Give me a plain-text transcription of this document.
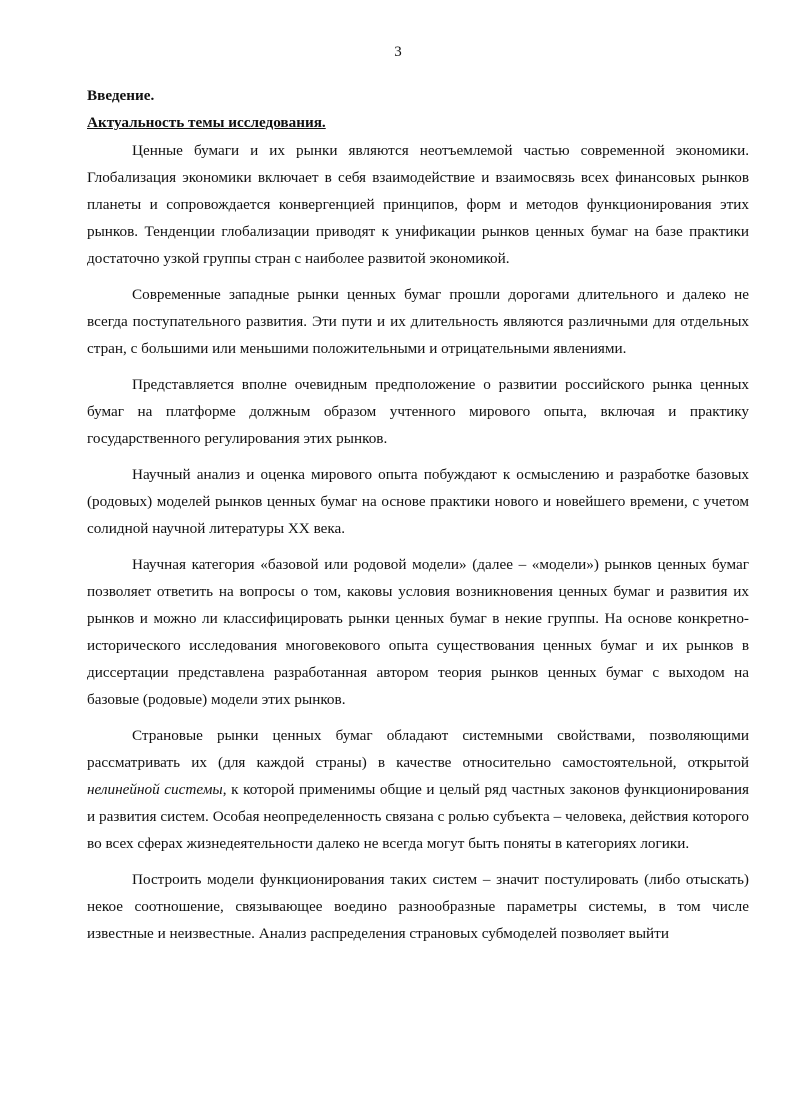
3

Введение.

Актуальность темы исследования.

Ценные бумаги и их рынки являются неотъемлемой частью современной экономики. Глобализация экономики включает в себя взаимодействие и взаимосвязь всех финансовых рынков планеты и сопровождается конвергенцией принципов, форм и методов функционирования этих рынков. Тенденции глобализации приводят к унификации рынков ценных бумаг на базе практики достаточно узкой группы стран с наиболее развитой экономикой.

Современные западные рынки ценных бумаг прошли дорогами длительного и далеко не всегда поступательного развития. Эти пути и их длительность являются различными для отдельных стран, с большими или меньшими положительными и отрицательными явлениями.

Представляется вполне очевидным предположение о развитии российского рынка ценных бумаг на платформе должным образом учтенного мирового опыта, включая и практику государственного регулирования этих рынков.

Научный анализ и оценка мирового опыта побуждают к осмыслению и разработке базовых (родовых) моделей рынков ценных бумаг на основе практики нового и новейшего времени, с учетом солидной научной литературы XX века.

Научная категория «базовой или родовой модели» (далее – «модели») рынков ценных бумаг позволяет ответить на вопросы о том, каковы условия возникновения ценных бумаг и развития их рынков и можно ли классифицировать рынки ценных бумаг в некие группы. На основе конкретно-исторического исследования многовекового опыта существования ценных бумаг и их рынков в диссертации представлена разработанная автором теория рынков ценных бумаг с выходом на базовые (родовые) модели этих рынков.

Страновые рынки ценных бумаг обладают системными свойствами, позволяющими рассматривать их (для каждой страны) в качестве относительно самостоятельной, открытой нелинейной системы, к которой применимы общие и целый ряд частных законов функционирования и развития систем. Особая неопределенность связана с ролью субъекта – человека, действия которого во всех сферах жизнедеятельности далеко не всегда могут быть поняты в категориях логики.

Построить модели функционирования таких систем – значит постулировать (либо отыскать) некое соотношение, связывающее воедино разнообразные параметры системы, в том числе известные и неизвестные. Анализ распределения страновых субмоделей позволяет выйти
